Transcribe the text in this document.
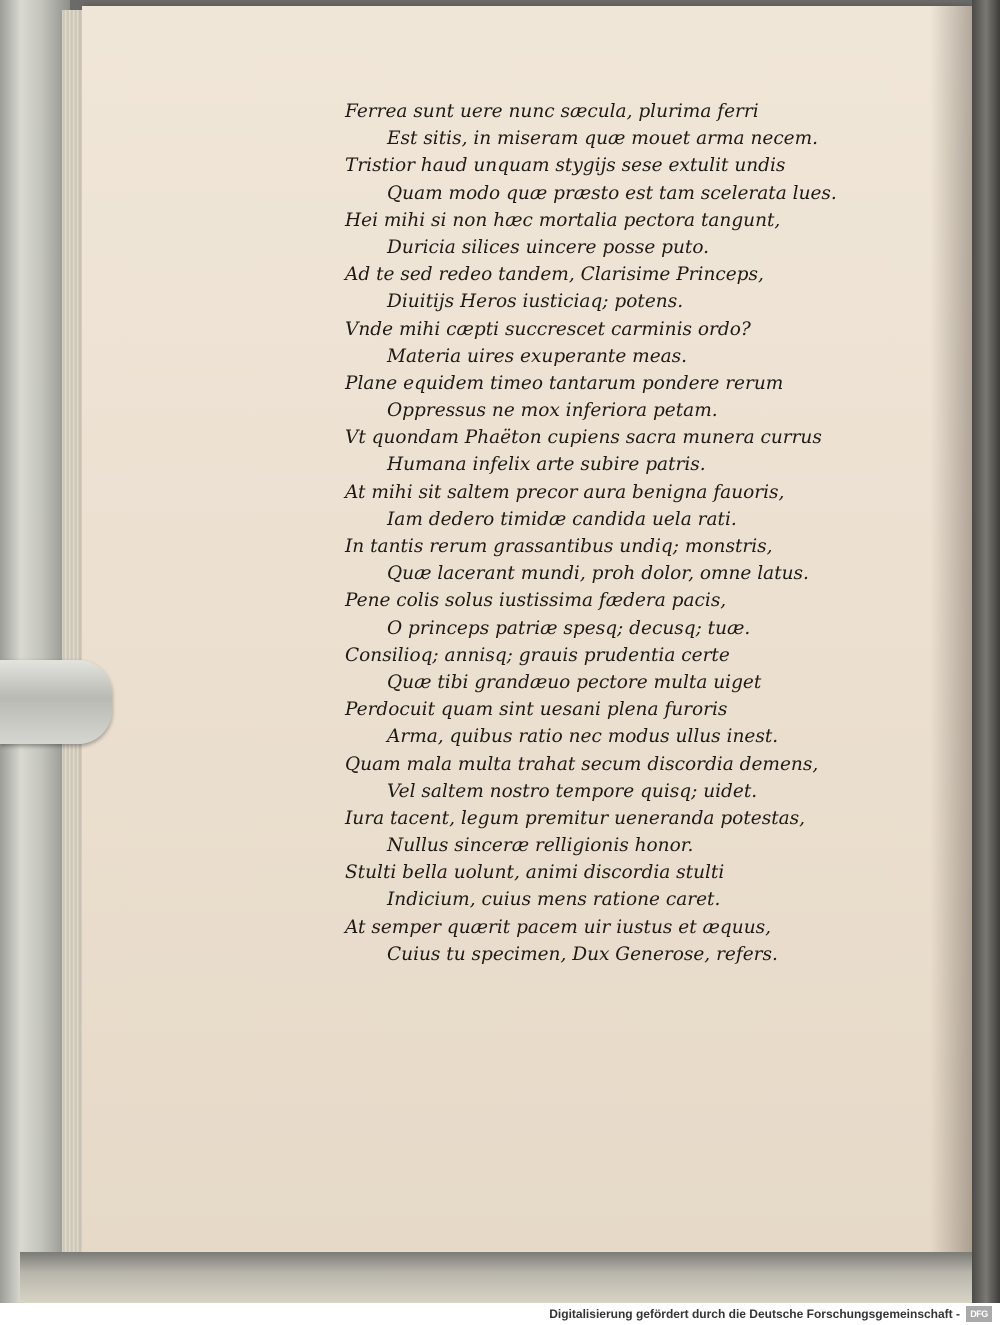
Ferrea sunt uere nunc sæcula, plurima ferri
Est sitis, in miseram quæ mouet arma necem.
Tristior haud unquam stygijs sese extulit undis
Quam modo quæ præsto est tam scelerata lues.
Hei mihi si non hæc mortalia pectora tangunt,
Duricia silices uincere posse puto.
Ad te sed redeo tandem, Clarisime Princeps,
Diuitijs Heros iusticiaq; potens.
Vnde mihi cæpti succrescet carminis ordo?
Materia uires exuperante meas.
Plane equidem timeo tantarum pondere rerum
Oppressus ne mox inferiora petam.
Vt quondam Phaëton cupiens sacra munera currus
Humana infelix arte subire patris.
At mihi sit saltem precor aura benigna fauoris,
Iam dedero timidæ candida uela rati.
In tantis rerum grassantibus undiq; monstris,
Quæ lacerant mundi, proh dolor, omne latus.
Pene colis solus iustissima fædera pacis,
O princeps patriæ spesq; decusq; tuæ.
Consilioq; annisq; grauis prudentia certe
Quæ tibi grandæuo pectore multa uiget
Perdocuit quam sint uesani plena furoris
Arma, quibus ratio nec modus ullus inest.
Quam mala multa trahat secum discordia demens,
Vel saltem nostro tempore quisq; uidet.
Iura tacent, legum premitur ueneranda potestas,
Nullus sinceræ relligionis honor.
Stulti bella uolunt, animi discordia stulti
Indicium, cuius mens ratione caret.
At semper quærit pacem uir iustus et æquus,
Cuius tu specimen, Dux Generose, refers.
Digitalisierung gefördert durch die Deutsche Forschungsgemeinschaft -	DFG
